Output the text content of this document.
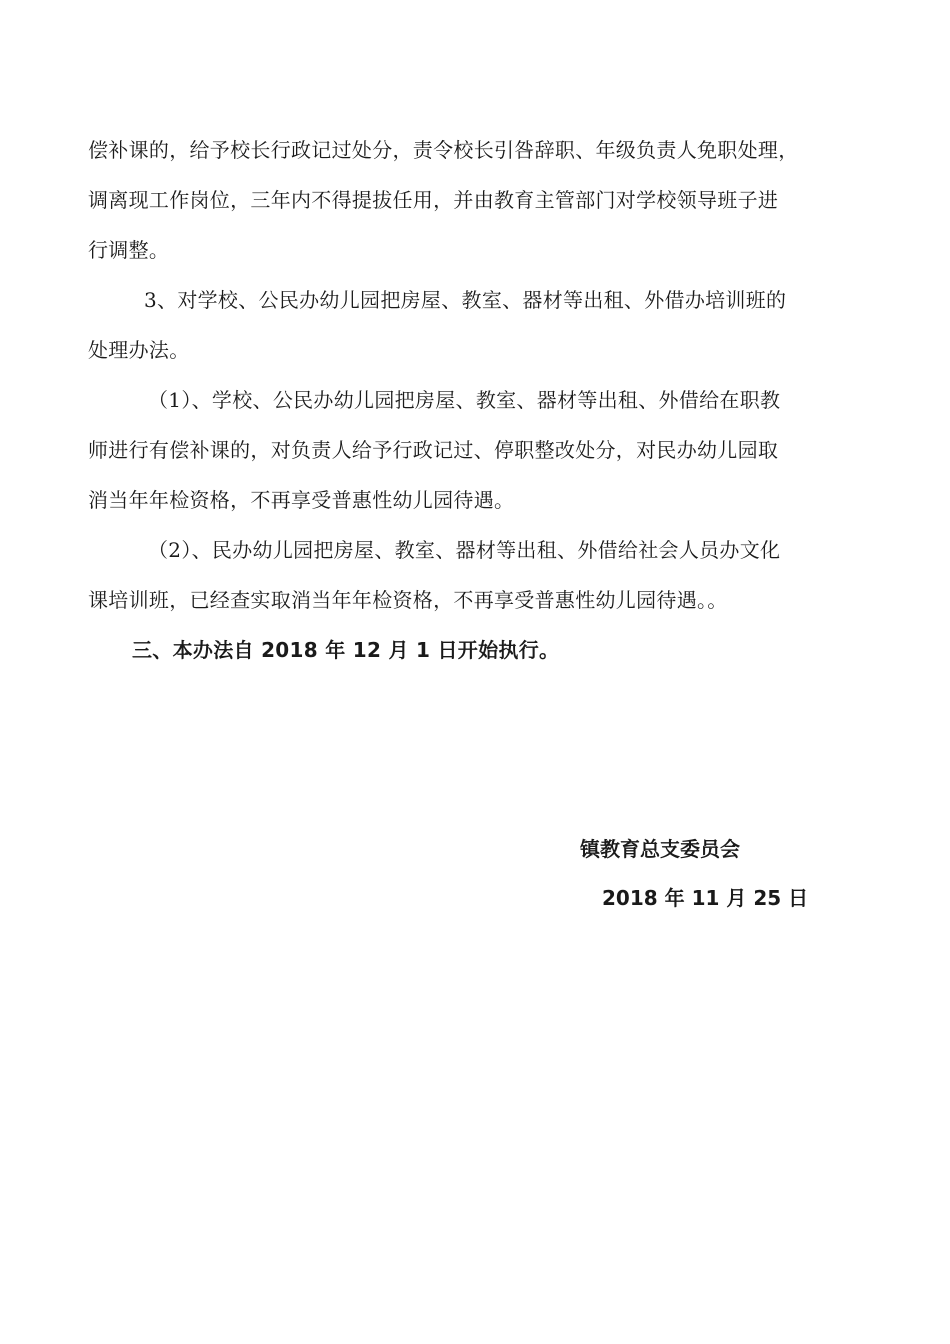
偿补课的，给予校长行政记过处分，责令校长引咎辞职、年级负责人免职处理，
调离现工作岗位，三年内不得提拔任用，并由教育主管部门对学校领导班子进
行调整。
3、对学校、公民办幼儿园把房屋、教室、器材等出租、外借办培训班的
处理办法。
（1）、学校、公民办幼儿园把房屋、教室、器材等出租、外借给在职教
师进行有偿补课的，对负责人给予行政记过、停职整改处分，对民办幼儿园取
消当年年检资格，不再享受普惠性幼儿园待遇。
（2）、民办幼儿园把房屋、教室、器材等出租、外借给社会人员办文化
课培训班，已经查实取消当年年检资格，不再享受普惠性幼儿园待遇。。
三、本办法自 2018 年 12 月 1 日开始执行。
镇教育总支委员会
2018 年 11 月 25 日
